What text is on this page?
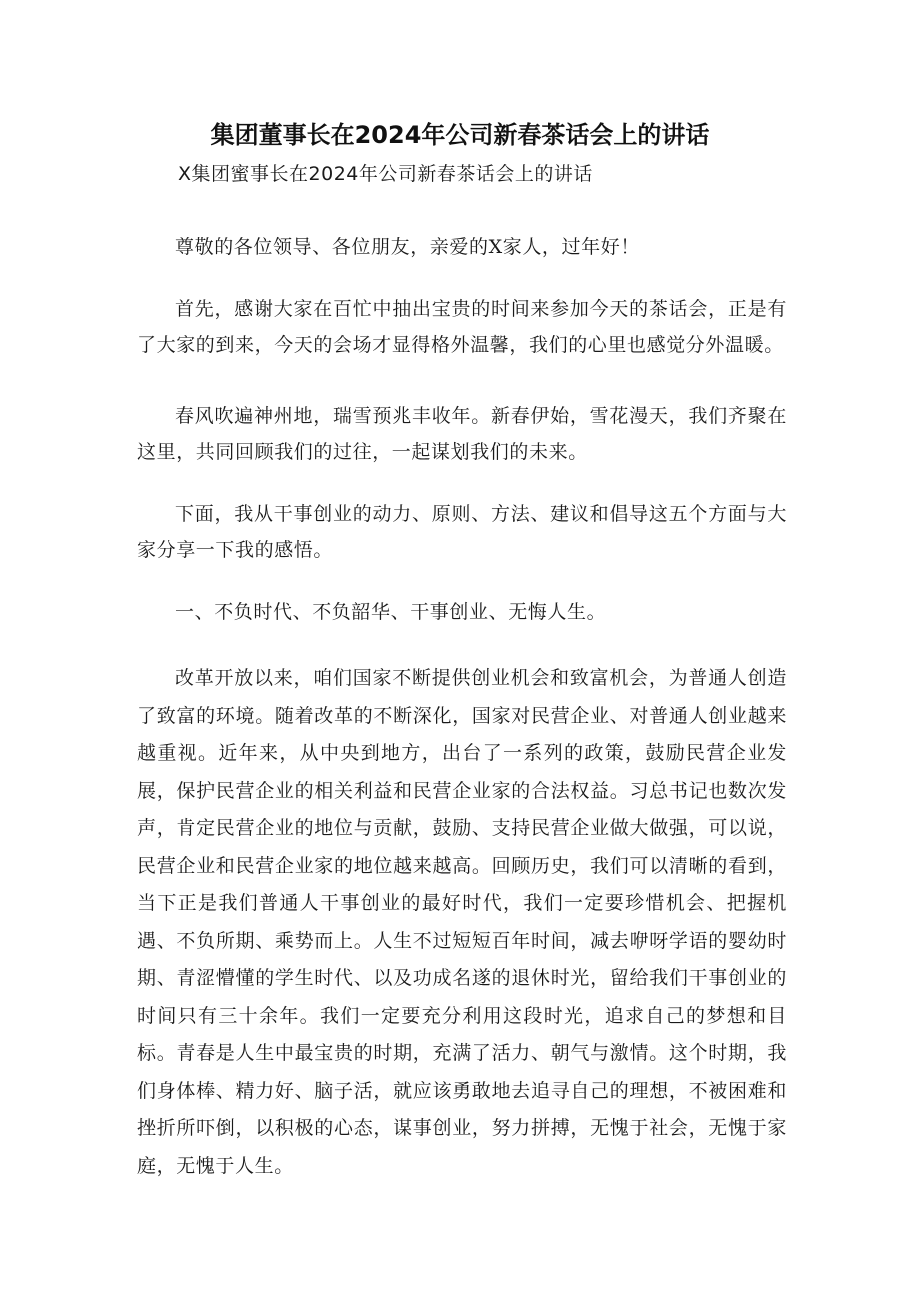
集团董事长在2024年公司新春茶话会上的讲话

X集团蜜事长在2024年公司新春茶话会上的讲话

尊敬的各位领导、各位朋友，亲爱的X家人，过年好！

首先，感谢大家在百忙中抽出宝贵的时间来参加今天的茶话会，正是有了大家的到来，今天的会场才显得格外温馨，我们的心里也感觉分外温暖。

春风吹遍神州地，瑞雪预兆丰收年。新春伊始，雪花漫天，我们齐聚在这里，共同回顾我们的过往，一起谋划我们的未来。

下面，我从干事创业的动力、原则、方法、建议和倡导这五个方面与大家分享一下我的感悟。

一、不负时代、不负韶华、干事创业、无悔人生。

改革开放以来，咱们国家不断提供创业机会和致富机会，为普通人创造了致富的环境。随着改革的不断深化，国家对民营企业、对普通人创业越来越重视。近年来，从中央到地方，出台了一系列的政策，鼓励民营企业发展，保护民营企业的相关利益和民营企业家的合法权益。习总书记也数次发声，肯定民营企业的地位与贡献，鼓励、支持民营企业做大做强，可以说，民营企业和民营企业家的地位越来越高。回顾历史，我们可以清晰的看到，当下正是我们普通人干事创业的最好时代，我们一定要珍惜机会、把握机遇、不负所期、乘势而上。人生不过短短百年时间，减去咿呀学语的婴幼时期、青涩懵懂的学生时代、以及功成名遂的退休时光，留给我们干事创业的时间只有三十余年。我们一定要充分利用这段时光，追求自己的梦想和目标。青春是人生中最宝贵的时期，充满了活力、朝气与激情。这个时期，我们身体棒、精力好、脑子活，就应该勇敢地去追寻自己的理想，不被困难和挫折所吓倒，以积极的心态，谋事创业，努力拼搏，无愧于社会，无愧于家庭，无愧于人生。
